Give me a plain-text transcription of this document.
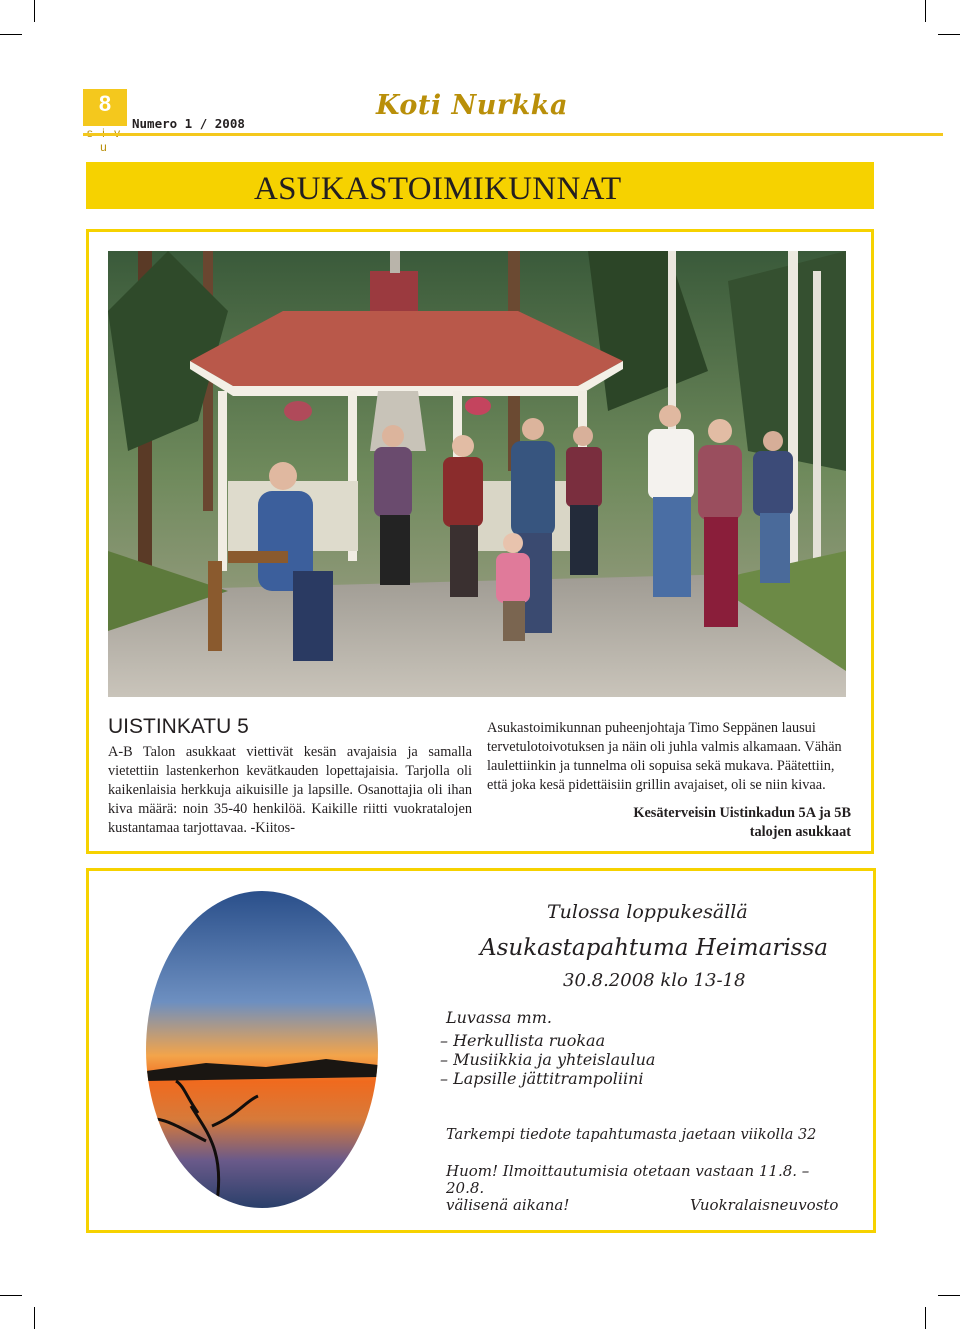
8
u
Numero 1 / 2008
Koti Nurkka
ASUKASTOIMIKUNNAT
UISTINKATU 5
A-B Talon asukkaat viettivät kesän avajaisia ja samalla vietettiin lastenkerhon kevätkauden lopettajaisia. Tarjolla oli kaikenlaisia herkkuja aikuisille ja lapsille. Osanottajia oli ihan kiva määrä: noin 35-40 henkilöä. Kaikille riitti vuokratalojen kustantamaa tarjottavaa. -Kiitos-
Asukastoimikunnan puheenjohtaja Timo Seppänen lausui tervetulotoivotuksen ja näin oli juhla valmis alkamaan. Vähän laulettiinkin ja tunnelma oli sopuisa sekä mukava. Päätettiin, että joka kesä pidettäisiin grillin avajaiset, oli se niin kivaa.
Kesäterveisin Uistinkadun 5A ja 5B
talojen asukkaat
Tulossa loppukesällä
Asukastapahtuma Heimarissa
30.8.2008 klo 13-18
Luvassa mm.
– Herkullista ruokaa
– Musiikkia ja yhteislaulua
– Lapsille jättitrampoliini
Tarkempi tiedote tapahtumasta jaetaan viikolla 32
Huom! Ilmoittautumisia otetaan vastaan 11.8. – 20.8.
välisenä aikana!	Vuokralaisneuvosto
